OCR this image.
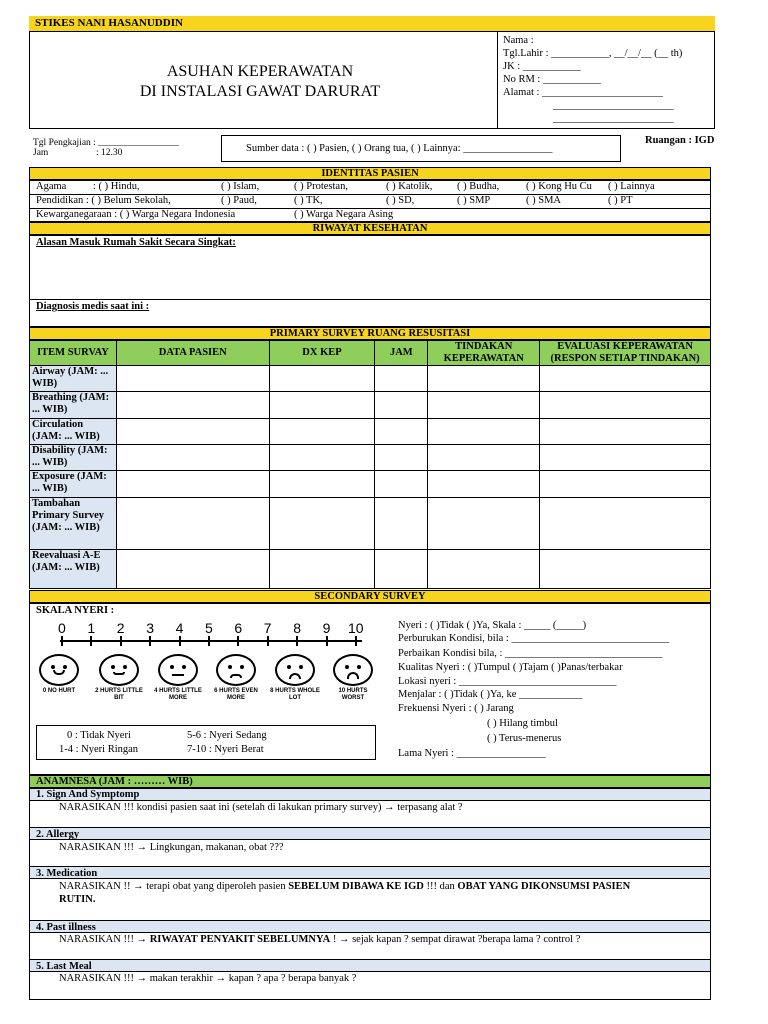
STIKES NANI HASANUDDIN
ASUHAN KEPERAWATAN
DI INSTALASI GAWAT DARURAT
Nama :
Tgl.Lahir : ___________, __/__/__ (__ th)
JK : ___________
No RM : ___________
Alamat : _______________________
_______________________
_______________________
Tgl Pengkajian : _________________
Jam	: 12.30	Sumber data : ( ) Pasien, ( ) Orang tua, ( ) Lainnya: _________________
Ruangan : IGD
IDENTITAS PASIEN
Agama	: ( ) Hindu,	( ) Islam,	( ) Protestan,	( ) Katolik, ( ) Budha,	( ) Kong Hu Cu ( ) Lainnya
Pendidikan : ( ) Belum Sekolah,	( ) Paud,	( ) TK,	( ) SD,	( ) SMP	( ) SMA	( ) PT
Kewarganegaraan : ( ) Warga Negara Indonesia	( ) Warga Negara Asing
RIWAYAT KESEHATAN
Alasan Masuk Rumah Sakit Secara Singkat:
Diagnosis medis saat ini :
PRIMARY SURVEY RUANG RESUSITASI
ITEM SURVAY	DATA PASIEN	DX KEP	JAM	TINDAKAN KEPERAWATAN	EVALUASI KEPERAWATAN (RESPON SETIAP TINDAKAN)
Airway (JAM: ... WIB)					
Breathing (JAM: ... WIB)					
Circulation (JAM: ... WIB)					
Disability (JAM: ... WIB)					
Exposure (JAM: ... WIB)					
Tambahan Primary Survey (JAM: ... WIB)					
Reevaluasi A-E (JAM: ... WIB)					
SECONDARY SURVEY
SKALA NYERI :
0 1 2 3 4 5 6 7 8 9 10
0 NO HURT	2 HURTS LITTLE BIT
4 HURTS LITTLE MORE
6 HURTS EVEN MORE
8 HURTS WHOLE LOT
10 HURTS WORST
0 : Tidak Nyeri	5-6 : Nyeri Sedang
1-4 : Nyeri Ringan	7-10 : Nyeri Berat
Nyeri : ( )Tidak ( )Ya, Skala : _____ (_____)
Perburukan Kondisi, bila : ______________________________
Perbaikan Kondisi bila, : ______________________________
Kualitas Nyeri : ( )Tumpul ( )Tajam ( )Panas/terbakar
Lokasi nyeri : ______________________________
Menjalar : ( )Tidak ( )Ya, ke ____________
Frekuensi Nyeri : ( ) Jarang
( ) Hilang timbul
( ) Terus-menerus
Lama Nyeri : _________________
ANAMNESA (JAM : ……… WIB)
1. Sign And Symptomp
NARASIKAN !!! kondisi pasien saat ini (setelah di lakukan primary survey) → terpasang alat ?
2. Allergy
NARASIKAN !!! → Lingkungan, makanan, obat ???
3. Medication
NARASIKAN !! → terapi obat yang diperoleh pasien SEBELUM DIBAWA KE IGD !!! dan OBAT YANG DIKONSUMSI PASIEN
RUTIN.
4. Past illness
NARASIKAN !!! → RIWAYAT PENYAKIT SEBELUMNYA ! → sejak kapan ? sempat dirawat ?berapa lama ? control ?
5. Last Meal
NARASIKAN !!! → makan terakhir → kapan ? apa ? berapa banyak ?
